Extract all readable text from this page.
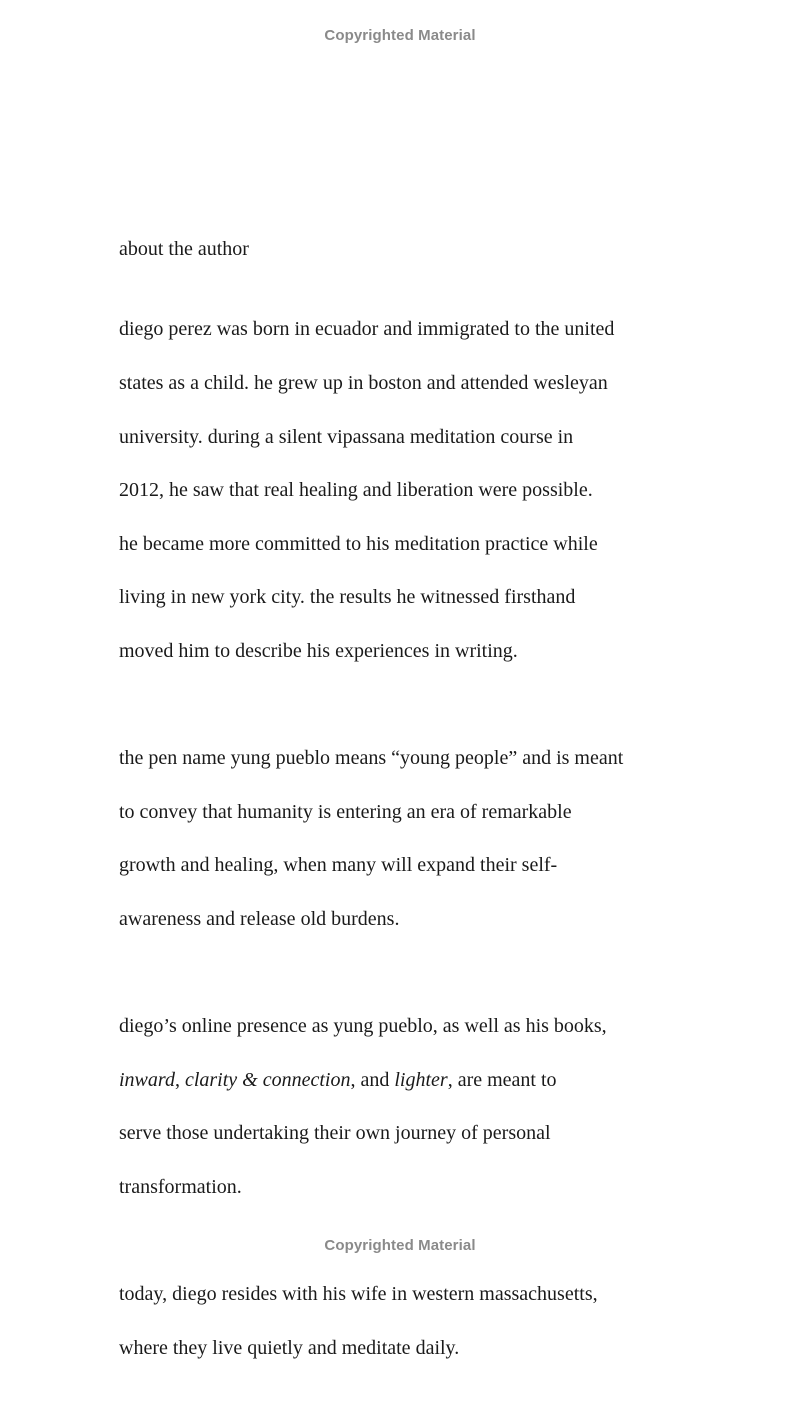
Copyrighted Material
about the author

diego perez was born in ecuador and immigrated to the united

states as a child. he grew up in boston and attended wesleyan

university. during a silent vipassana meditation course in

2012, he saw that real healing and liberation were possible.

he became more committed to his meditation practice while

living in new york city. the results he witnessed firsthand

moved him to describe his experiences in writing.

the pen name yung pueblo means “young people” and is meant

to convey that humanity is entering an era of remarkable

growth and healing, when many will expand their self-

awareness and release old burdens.

diego’s online presence as yung pueblo, as well as his books,

inward, clarity & connection, and lighter, are meant to

serve those undertaking their own journey of personal

transformation.

today, diego resides with his wife in western massachusetts,

where they live quietly and meditate daily.

Copyrighted Material
